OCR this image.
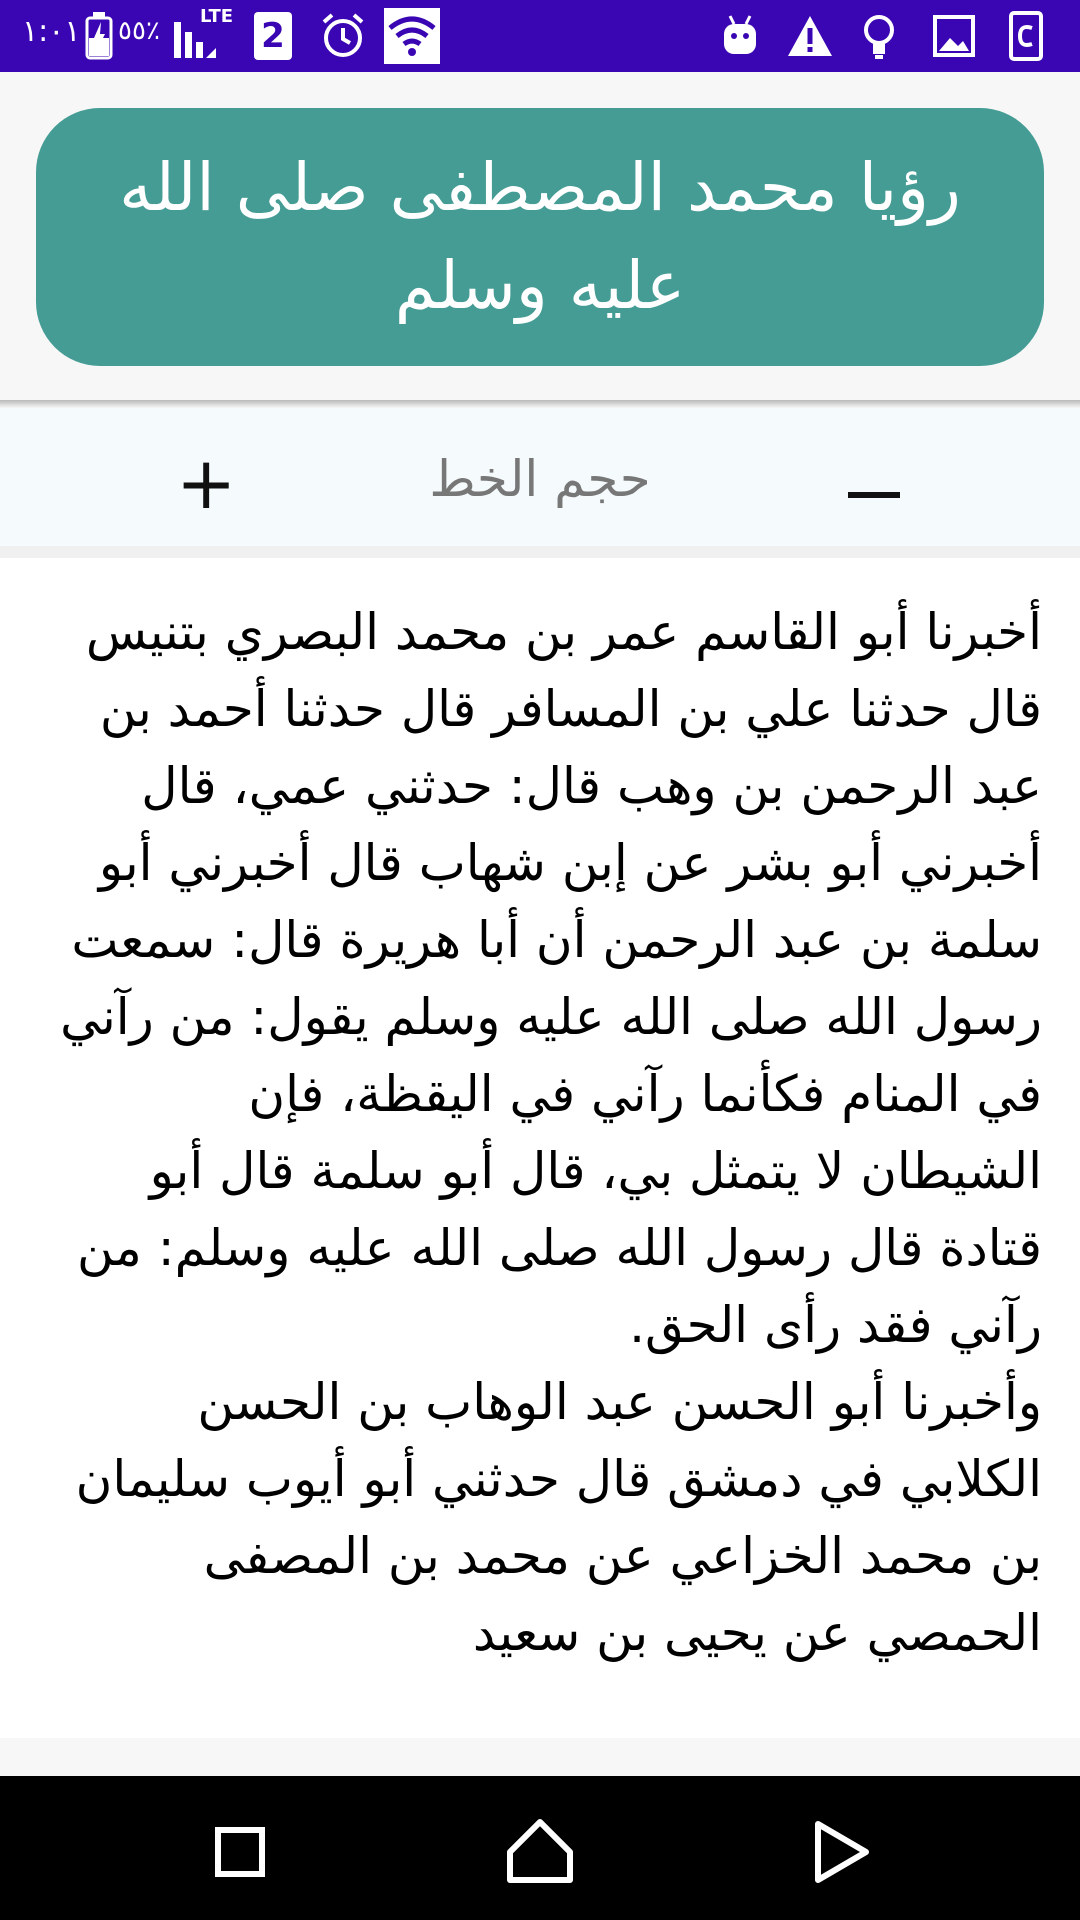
١:٠١ ٥٥٪ LTE 2
رؤيا محمد المصطفى صلى الله عليه وسلم
+	حجم الخط

أخبرنا أبو القاسم عمر بن محمد البصري بتنيس قال حدثنا علي بن المسافر قال حدثنا أحمد بن عبد الرحمن بن وهب قال: حدثني عمي، قال أخبرني أبو بشر عن إبن شهاب قال أخبرني أبو سلمة بن عبد الرحمن أن أبا هريرة قال: سمعت رسول الله صلى الله عليه وسلم يقول: من رآني في المنام فكأنما رآني في اليقظة، فإن الشيطان لا يتمثل بي، قال أبو سلمة قال أبو قتادة قال رسول الله صلى الله عليه وسلم: من رآني فقد رأى الحق.

وأخبرنا أبو الحسن عبد الوهاب بن الحسن الكلابي في دمشق قال حدثني أبو أيوب سليمان بن محمد الخزاعي عن محمد بن المصفى الحمصي عن يحيى بن سعيد
